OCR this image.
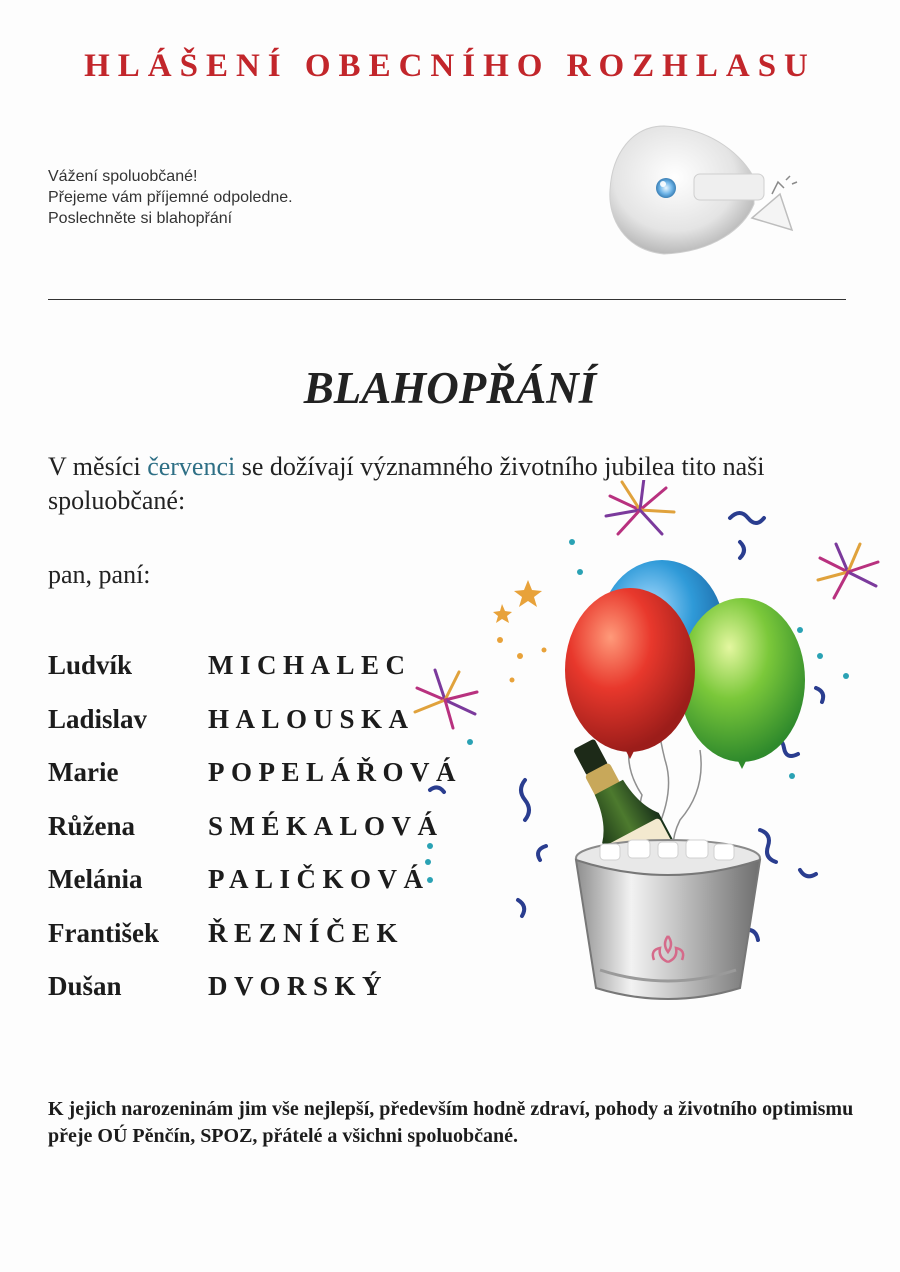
HLÁŠENÍ OBECNÍHO ROZHLASU
Vážení spoluobčané!
Přejeme vám příjemné odpoledne.
Poslechněte si blahopřání
BLAHOPŘÁNÍ
V měsíci červenci se dožívají významného životního jubilea tito naši spoluobčané:
pan, paní:
Ludvík	MICHALEC
Ladislav HALOUSKA
Marie	POPELÁŘOVÁ
Růžena	SMÉKALOVÁ
Melánia PALIČKOVÁ
František ŘEZNÍČEK
Dušan	DVORSKÝ
K jejich narozeninám jim vše nejlepší, především hodně zdraví, pohody a životního optimismu přeje OÚ Pěnčín, SPOZ, přátelé a všichni spoluobčané.
